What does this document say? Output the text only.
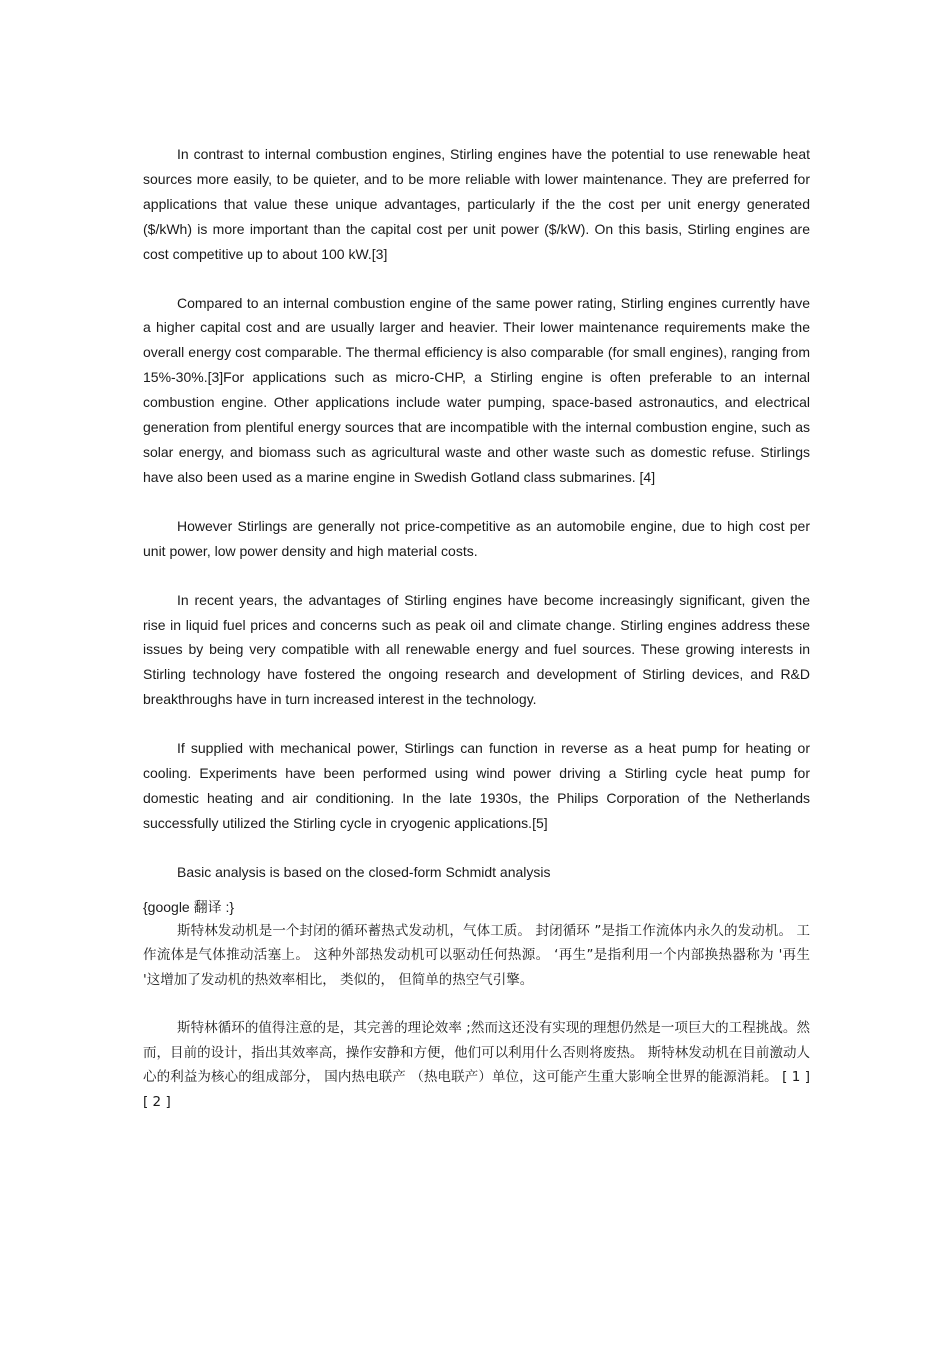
In contrast to internal combustion engines, Stirling engines have the potential to use renewable heat sources more easily, to be quieter, and to be more reliable with lower maintenance. They are preferred for applications that value these unique advantages, particularly if the the cost per unit energy generated ($/kWh) is more important than the capital cost per unit power ($/kW). On this basis, Stirling engines are cost competitive up to about 100 kW.[3]

Compared to an internal combustion engine of the same power rating, Stirling engines currently have a higher capital cost and are usually larger and heavier. Their lower maintenance requirements make the overall energy cost comparable. The thermal efficiency is also comparable (for small engines), ranging from 15%-30%.[3]For applications such as micro-CHP, a Stirling engine is often preferable to an internal combustion engine. Other applications include water pumping, space-based astronautics, and electrical generation from plentiful energy sources that are incompatible with the internal combustion engine, such as solar energy, and biomass such as agricultural waste and other waste such as domestic refuse. Stirlings have also been used as a marine engine in Swedish Gotland class submarines. [4]

However Stirlings are generally not price-competitive as an automobile engine, due to high cost per unit power, low power density and high material costs.

In recent years, the advantages of Stirling engines have become increasingly significant, given the rise in liquid fuel prices and concerns such as peak oil and climate change. Stirling engines address these issues by being very compatible with all renewable energy and fuel sources. These growing interests in Stirling technology have fostered the ongoing research and development of Stirling devices, and R&D breakthroughs have in turn increased interest in the technology.

If supplied with mechanical power, Stirlings can function in reverse as a heat pump for heating or cooling. Experiments have been performed using wind power driving a Stirling cycle heat pump for domestic heating and air conditioning. In the late 1930s, the Philips Corporation of the Netherlands successfully utilized the Stirling cycle in cryogenic applications.[5]

Basic analysis is based on the closed-form Schmidt analysis

{google 翻译 :}

斯特林发动机是一个封闭的循环蓄热式发动机，气体工质。 封闭循环 ”是指工作流体内永久的发动机。 工作流体是气体推动活塞上。 这种外部热发动机可以驱动任何热源。 ‘再生”是指利用一个内部换热器称为 '再生 '这增加了发动机的热效率相比， 类似的， 但简单的热空气引擎。

斯特林循环的值得注意的是，其完善的理论效率 ;然而这还没有实现的理想仍然是一项巨大的工程挑战。然而，目前的设计，指出其效率高，操作安静和方便，他们可以利用什么否则将废热。 斯特林发动机在目前激动人心的利益为核心的组成部分， 国内热电联产 （热电联产）单位，这可能产生重大影响全世界的能源消耗。 [ 1 ] [ 2 ]
